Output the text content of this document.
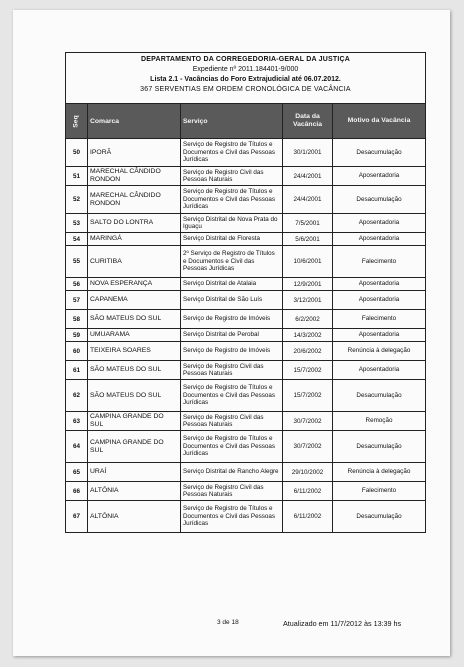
DEPARTAMENTO DA CORREGEDORIA-GERAL DA JUSTIÇA
Expediente nº 2011.184401-9/000
Lista 2.1 - Vacâncias do Foro Extrajudicial até 06.07.2012.
367 SERVENTIAS EM ORDEM CRONOLÓGICA DE VACÂNCIA
Seq	Comarca	Serviço	Data da Vacância	Motivo da Vacância
50	IPORÃ	Serviço de Registro de Títulos e Documentos e Civil das Pessoas Jurídicas	30/1/2001	Desacumulação
51	MARECHAL CÂNDIDO RONDON	Serviço de Registro Civil das Pessoas Naturais	24/4/2001	Aposentadoria
52	MARECHAL CÂNDIDO RONDON	Serviço de Registro de Títulos e Documentos e Civil das Pessoas Jurídicas	24/4/2001	Desacumulação
53	SALTO DO LONTRA	Serviço Distrital de Nova Prata do Iguaçu	7/5/2001	Aposentadoria
54	MARINGÁ	Serviço Distrital de Floresta	5/6/2001	Aposentadoria
55	CURITIBA	2º Serviço de Registro de Títulos e Documentos e Civil das Pessoas Jurídicas	10/6/2001	Falecimento
56	NOVA ESPERANÇA	Serviço Distrital de Atalaia	12/9/2001	Aposentadoria
57	CAPANEMA	Serviço Distrital de São Luís	3/12/2001	Aposentadoria
58	SÃO MATEUS DO SUL	Serviço de Registro de Imóveis	6/2/2002	Falecimento
59	UMUARAMA	Serviço Distrital de Perobal	14/3/2002	Aposentadoria
60	TEIXEIRA SOARES	Serviço de Registro de Imóveis	20/6/2002	Renúncia à delegação
61	SÃO MATEUS DO SUL	Serviço de Registro Civil das Pessoas Naturais	15/7/2002	Aposentadoria
62	SÃO MATEUS DO SUL	Serviço de Registro de Títulos e Documentos e Civil das Pessoas Jurídicas	15/7/2002	Desacumulação
63	CAMPINA GRANDE DO SUL	Serviço de Registro Civil das Pessoas Naturais	30/7/2002	Remoção
64	CAMPINA GRANDE DO SUL	Serviço de Registro de Títulos e Documentos e Civil das Pessoas Jurídicas	30/7/2002	Desacumulação
65	URAÍ	Serviço Distrital de Rancho Alegre	29/10/2002	Renúncia à delegação
66	ALTÔNIA	Serviço de Registro Civil das Pessoas Naturais	6/11/2002	Falecimento
67	ALTÔNIA	Serviço de Registro de Títulos e Documentos e Civil das Pessoas Jurídicas	6/11/2002	Desacumulação
3 de 18	Atualizado em 11/7/2012 às 13:39 hs
